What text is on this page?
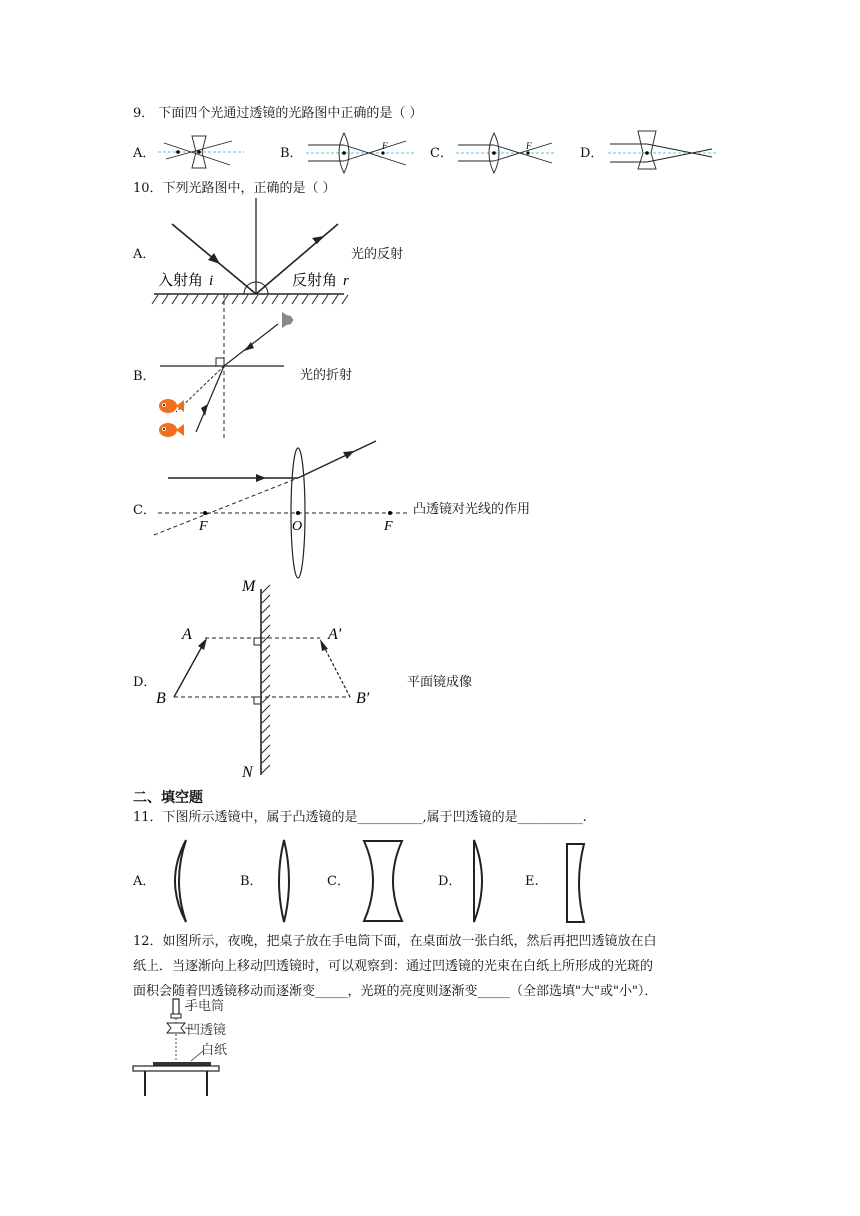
9． 下面四个光通过透镜的光路图中正确的是（ ）
A．	B．	F	C．	F	D．
10．下列光路图中，正确的是（ ）
A．
入射角 i	反射角 r
光的反射
B．	光的折射
C．
F	O	F
凸透镜对光线的作用
D．
M
N
A
B
A′
B′
平面镜成像
二、填空题
11．下图所示透镜中，属于凸透镜的是__________,属于凹透镜的是__________.
A．	B．	C．	D．	E.
12．如图所示，夜晚，把桌子放在手电筒下面，在桌面放一张白纸，然后再把凹透镜放在白
纸上．当逐渐向上移动凹透镜时，可以观察到：通过凹透镜的光束在白纸上所形成的光斑的
面积会随着凹透镜移动而逐渐变_____，光斑的亮度则逐渐变_____（全部选填"大"或"小"）．
手电筒
凹透镜
白纸
